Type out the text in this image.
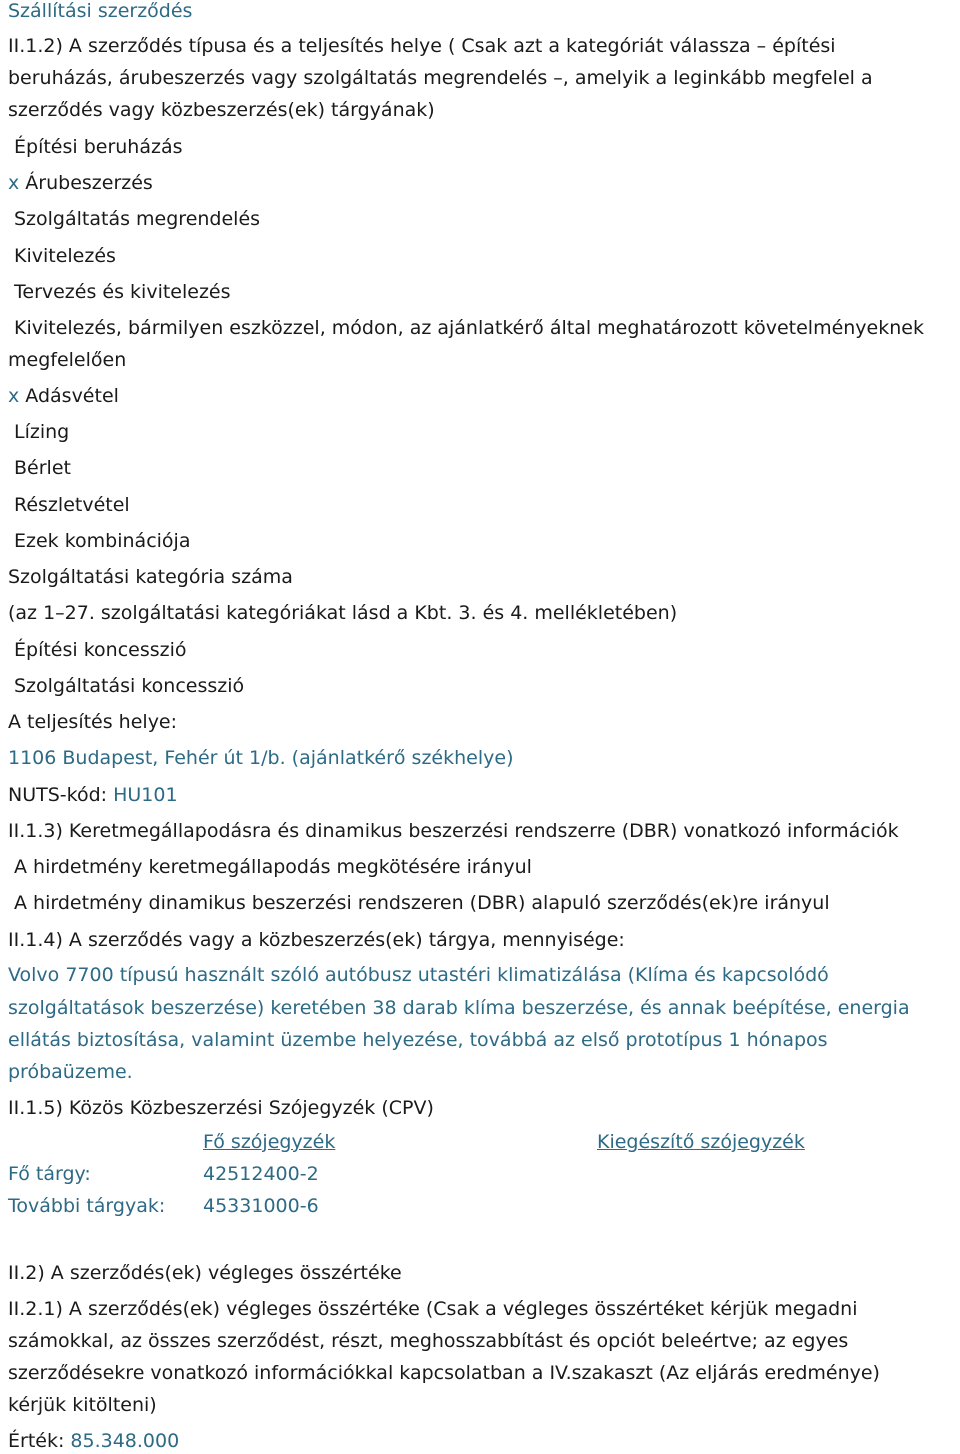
Szállítási szerződés
II.1.2) A szerződés típusa és a teljesítés helye ( Csak azt a kategóriát válassza – építési
beruházás, árubeszerzés vagy szolgáltatás megrendelés –, amelyik a leginkább megfelel a
szerződés vagy közbeszerzés(ek) tárgyának)
Építési beruházás
x Árubeszerzés
Szolgáltatás megrendelés
Kivitelezés
Tervezés és kivitelezés
Kivitelezés, bármilyen eszközzel, módon, az ajánlatkérő által meghatározott követelményeknek
megfelelően
x Adásvétel
Lízing
Bérlet
Részletvétel
Ezek kombinációja
Szolgáltatási kategória száma
(az 1–27. szolgáltatási kategóriákat lásd a Kbt. 3. és 4. mellékletében)
Építési koncesszió
Szolgáltatási koncesszió
A teljesítés helye:
1106 Budapest, Fehér út 1/b. (ajánlatkérő székhelye)
NUTS-kód: HU101
II.1.3) Keretmegállapodásra és dinamikus beszerzési rendszerre (DBR) vonatkozó információk
A hirdetmény keretmegállapodás megkötésére irányul
A hirdetmény dinamikus beszerzési rendszeren (DBR) alapuló szerződés(ek)re irányul
II.1.4) A szerződés vagy a közbeszerzés(ek) tárgya, mennyisége:
Volvo 7700 típusú használt szóló autóbusz utastéri klimatizálása (Klíma és kapcsolódó
szolgáltatások beszerzése) keretében 38 darab klíma beszerzése, és annak beépítése, energia
ellátás biztosítása, valamint üzembe helyezése, továbbá az első prototípus 1 hónapos
próbaüzeme.
II.1.5) Közös Közbeszerzési Szójegyzék (CPV)
Fő szójegyzék	Kiegészítő szójegyzék
Fő tárgy:	42512400-2
További tárgyak: 45331000-6
II.2) A szerződés(ek) végleges összértéke
II.2.1) A szerződés(ek) végleges összértéke (Csak a végleges összértéket kérjük megadni
számokkal, az összes szerződést, részt, meghosszabbítást és opciót beleértve; az egyes
szerződésekre vonatkozó információkkal kapcsolatban a IV.szakaszt (Az eljárás eredménye)
kérjük kitölteni)
Érték: 85.348.000
